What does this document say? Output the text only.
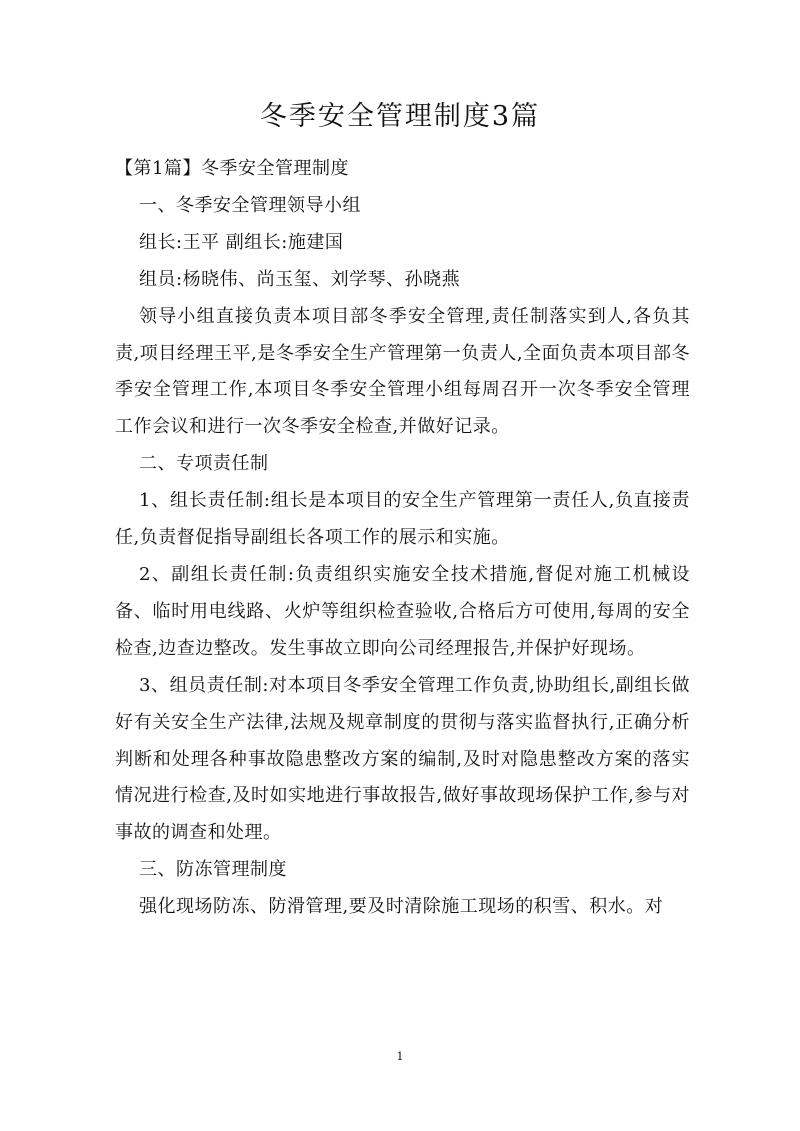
冬季安全管理制度3篇

【第1篇】冬季安全管理制度

一、冬季安全管理领导小组

组长:王平 副组长:施建国

组员:杨晓伟、尚玉玺、刘学琴、孙晓燕

领导小组直接负责本项目部冬季安全管理,责任制落实到人,各负其责,项目经理王平,是冬季安全生产管理第一负责人,全面负责本项目部冬季安全管理工作,本项目冬季安全管理小组每周召开一次冬季安全管理工作会议和进行一次冬季安全检查,并做好记录。

二、专项责任制

1、组长责任制:组长是本项目的安全生产管理第一责任人,负直接责任,负责督促指导副组长各项工作的展示和实施。

2、副组长责任制:负责组织实施安全技术措施,督促对施工机械设备、临时用电线路、火炉等组织检查验收,合格后方可使用,每周的安全检查,边查边整改。发生事故立即向公司经理报告,并保护好现场。

3、组员责任制:对本项目冬季安全管理工作负责,协助组长,副组长做好有关安全生产法律,法规及规章制度的贯彻与落实监督执行,正确分析判断和处理各种事故隐患整改方案的编制,及时对隐患整改方案的落实情况进行检查,及时如实地进行事故报告,做好事故现场保护工作,参与对事故的调查和处理。

三、防冻管理制度

强化现场防冻、防滑管理,要及时清除施工现场的积雪、积水。对

1
